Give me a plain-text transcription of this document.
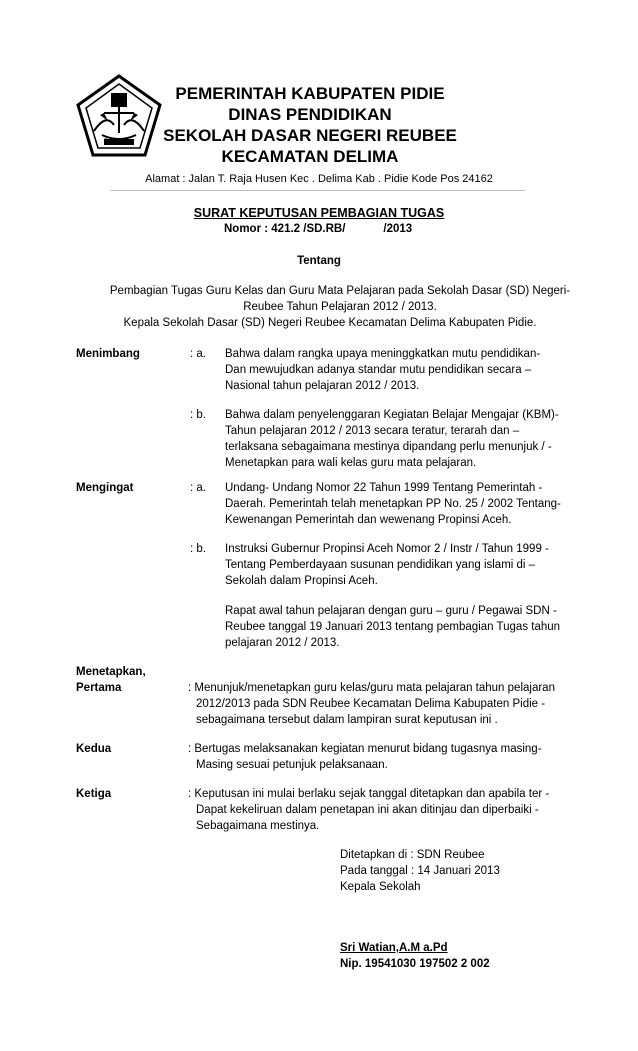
PIDIE
PEMERINTAH KABUPATEN PIDIE
DINAS PENDIDIKAN
SEKOLAH DASAR NEGERI REUBEE
KECAMATAN DELIMA
Alamat : Jalan T. Raja Husen Kec . Delima Kab . Pidie Kode Pos 24162
SURAT KEPUTUSAN PEMBAGIAN TUGAS
Nomor : 421.2 /SD.RB/	/2013
Tentang
Pembagian Tugas Guru Kelas dan Guru Mata Pelajaran pada Sekolah Dasar (SD) Negeri-
Reubee Tahun Pelajaran 2012 / 2013.
Kepala Sekolah Dasar (SD) Negeri Reubee Kecamatan Delima Kabupaten Pidie.
Menimbang	: a. Bahwa dalam rangka upaya meninggkatkan mutu pendidikan-
Dan mewujudkan adanya standar mutu pendidikan secara –
Nasional tahun pelajaran 2012 / 2013.
: b. Bahwa dalam penyelenggaran Kegiatan Belajar Mengajar (KBM)-
Tahun pelajaran 2012 / 2013 secara teratur, terarah dan –
terlaksana sebagaimana mestinya dipandang perlu menunjuk / -
Menetapkan para wali kelas guru mata pelajaran.
Mengingat	: a. Undang- Undang Nomor 22 Tahun 1999 Tentang Pemerintah -
Daerah. Pemerintah telah menetapkan PP No. 25 / 2002 Tentang-
Kewenangan Pemerintah dan wewenang Propinsi Aceh.
: b. Instruksi Gubernur Propinsi Aceh Nomor 2 / Instr / Tahun 1999 -
Tentang Pemberdayaan susunan pendidikan yang islami di –
Sekolah dalam Propinsi Aceh.
Rapat awal tahun pelajaran dengan guru – guru / Pegawai SDN -
Reubee tanggal 19 Januari 2013 tentang pembagian Tugas tahun
pelajaran 2012 / 2013.
Menetapkan,
Pertama	: Menunjuk/menetapkan guru kelas/guru mata pelajaran tahun pelajaran
2012/2013 pada SDN Reubee Kecamatan Delima Kabupaten Pidie -
sebagaimana tersebut dalam lampiran surat keputusan ini .
Kedua	: Bertugas melaksanakan kegiatan menurut bidang tugasnya masing-
Masing sesuai petunjuk pelaksanaan.
Ketiga	: Keputusan ini mulai berlaku sejak tanggal ditetapkan dan apabila ter -
Dapat kekeliruan dalam penetapan ini akan ditinjau dan diperbaiki -
Sebagaimana mestinya.
Ditetapkan di : SDN Reubee
Pada tanggal : 14 Januari 2013
Kepala Sekolah
Sri Watian,A.M a.Pd
Nip. 19541030 197502 2 002
